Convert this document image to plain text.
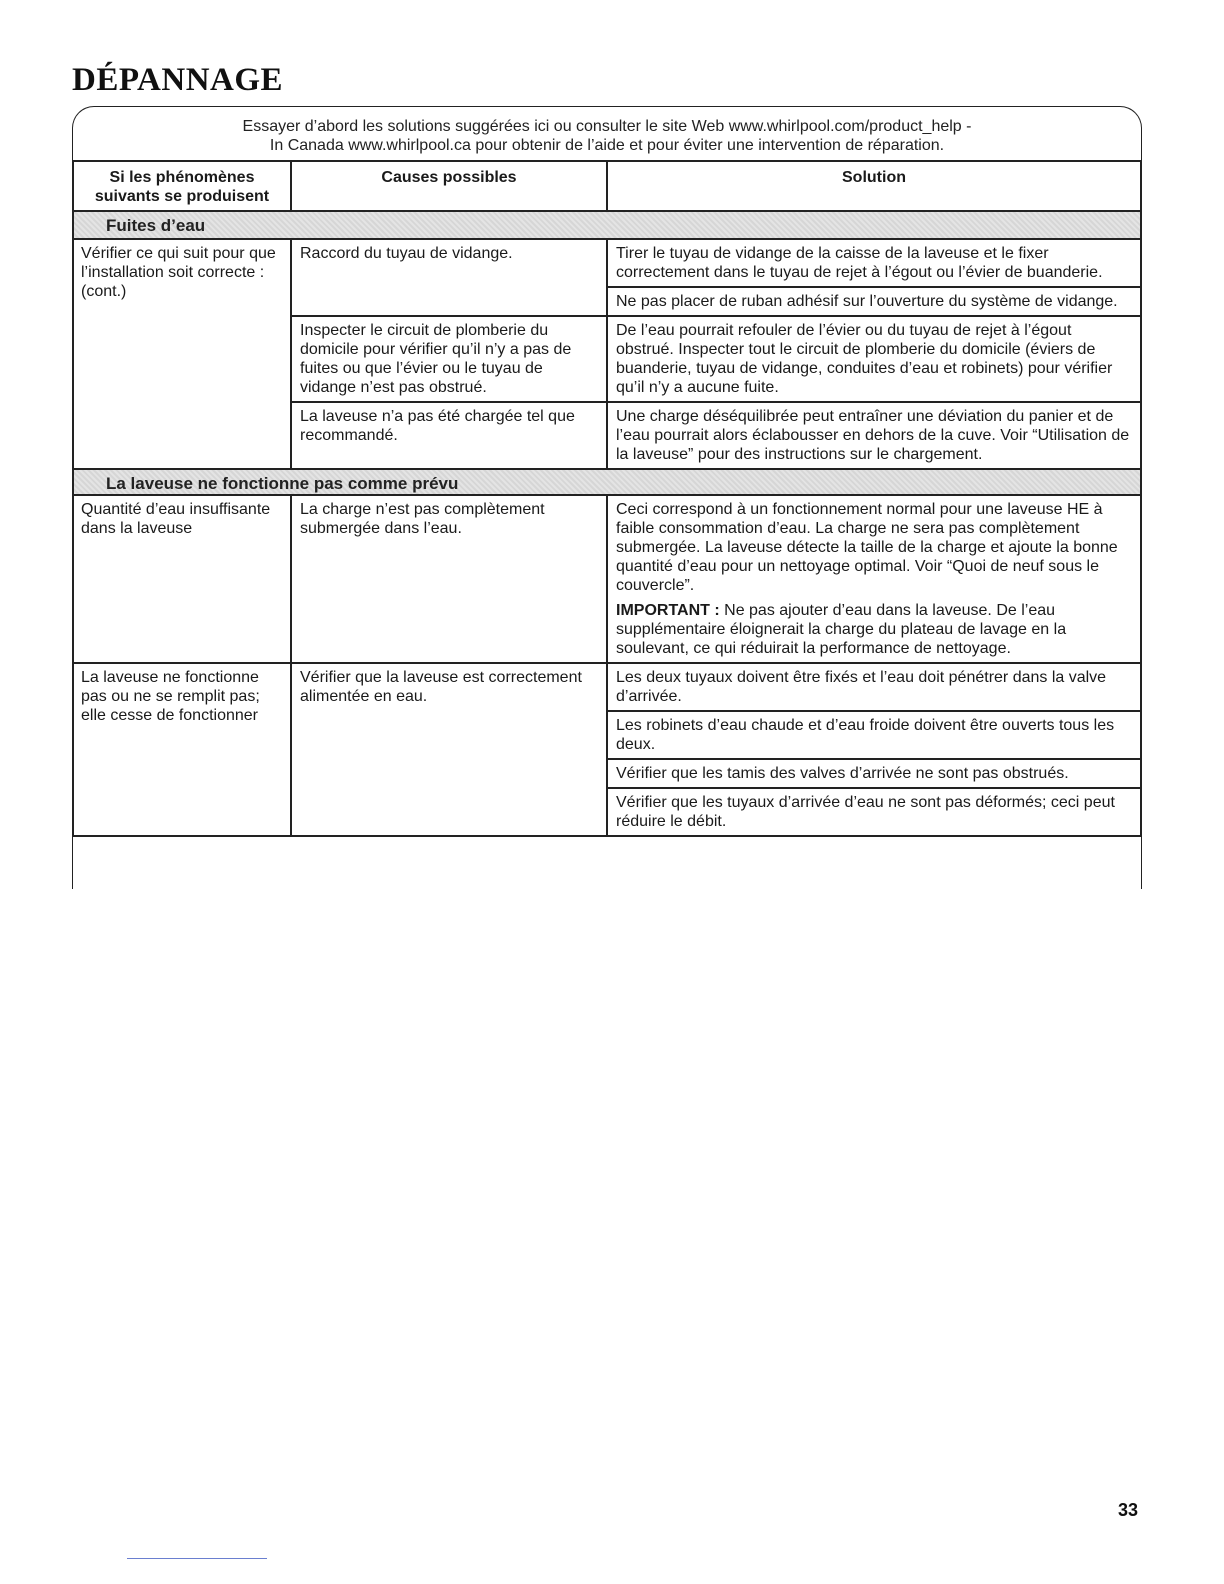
DÉPANNAGE
Essayer d’abord les solutions suggérées ici ou consulter le site Web www.whirlpool.com/product_help -
In Canada www.whirlpool.ca pour obtenir de l’aide et pour éviter une intervention de réparation.
Si les phénomènes suivants se produisent
Causes possibles	Solution
Fuites d’eau
Vérifier ce qui suit pour que l’installation soit correcte : (cont.)
Raccord du tuyau de vidange.	Tirer le tuyau de vidange de la caisse de la laveuse et le fixer correctement dans le tuyau de rejet à l’égout ou l’évier de buanderie.
Ne pas placer de ruban adhésif sur l’ouverture du système de vidange.
Inspecter le circuit de plomberie du domicile pour vérifier qu’il n’y a pas de fuites ou que l’évier ou le tuyau de vidange n’est pas obstrué.
De l’eau pourrait refouler de l’évier ou du tuyau de rejet à l’égout obstrué. Inspecter tout le circuit de plomberie du domicile (éviers de buanderie, tuyau de vidange, conduites d’eau et robinets) pour vérifier qu’il n’y a aucune fuite.
La laveuse n’a pas été chargée tel que recommandé.
Une charge déséquilibrée peut entraîner une déviation du panier et de l’eau pourrait alors éclabousser en dehors de la cuve. Voir “Utilisation de la laveuse” pour des instructions sur le chargement.
La laveuse ne fonctionne pas comme prévu
Quantité d’eau insuffisante dans la laveuse
La charge n’est pas complètement submergée dans l’eau.

Ceci correspond à un fonctionnement normal pour une laveuse HE à faible consommation d’eau. La charge ne sera pas complètement submergée. La laveuse détecte la taille de la charge et ajoute la bonne quantité d’eau pour un nettoyage optimal. Voir “Quoi de neuf sous le couvercle”.

IMPORTANT : Ne pas ajouter d’eau dans la laveuse. De l’eau supplémentaire éloignerait la charge du plateau de lavage en la soulevant, ce qui réduirait la performance de nettoyage.

La laveuse ne fonctionne pas ou ne se remplit pas; elle cesse de fonctionner
Vérifier que la laveuse est correctement alimentée en eau.
Les deux tuyaux doivent être fixés et l’eau doit pénétrer dans la valve d’arrivée.
Les robinets d’eau chaude et d’eau froide doivent être ouverts tous les deux.
Vérifier que les tamis des valves d’arrivée ne sont pas obstrués.
Vérifier que les tuyaux d’arrivée d’eau ne sont pas déformés; ceci peut réduire le débit.
33
